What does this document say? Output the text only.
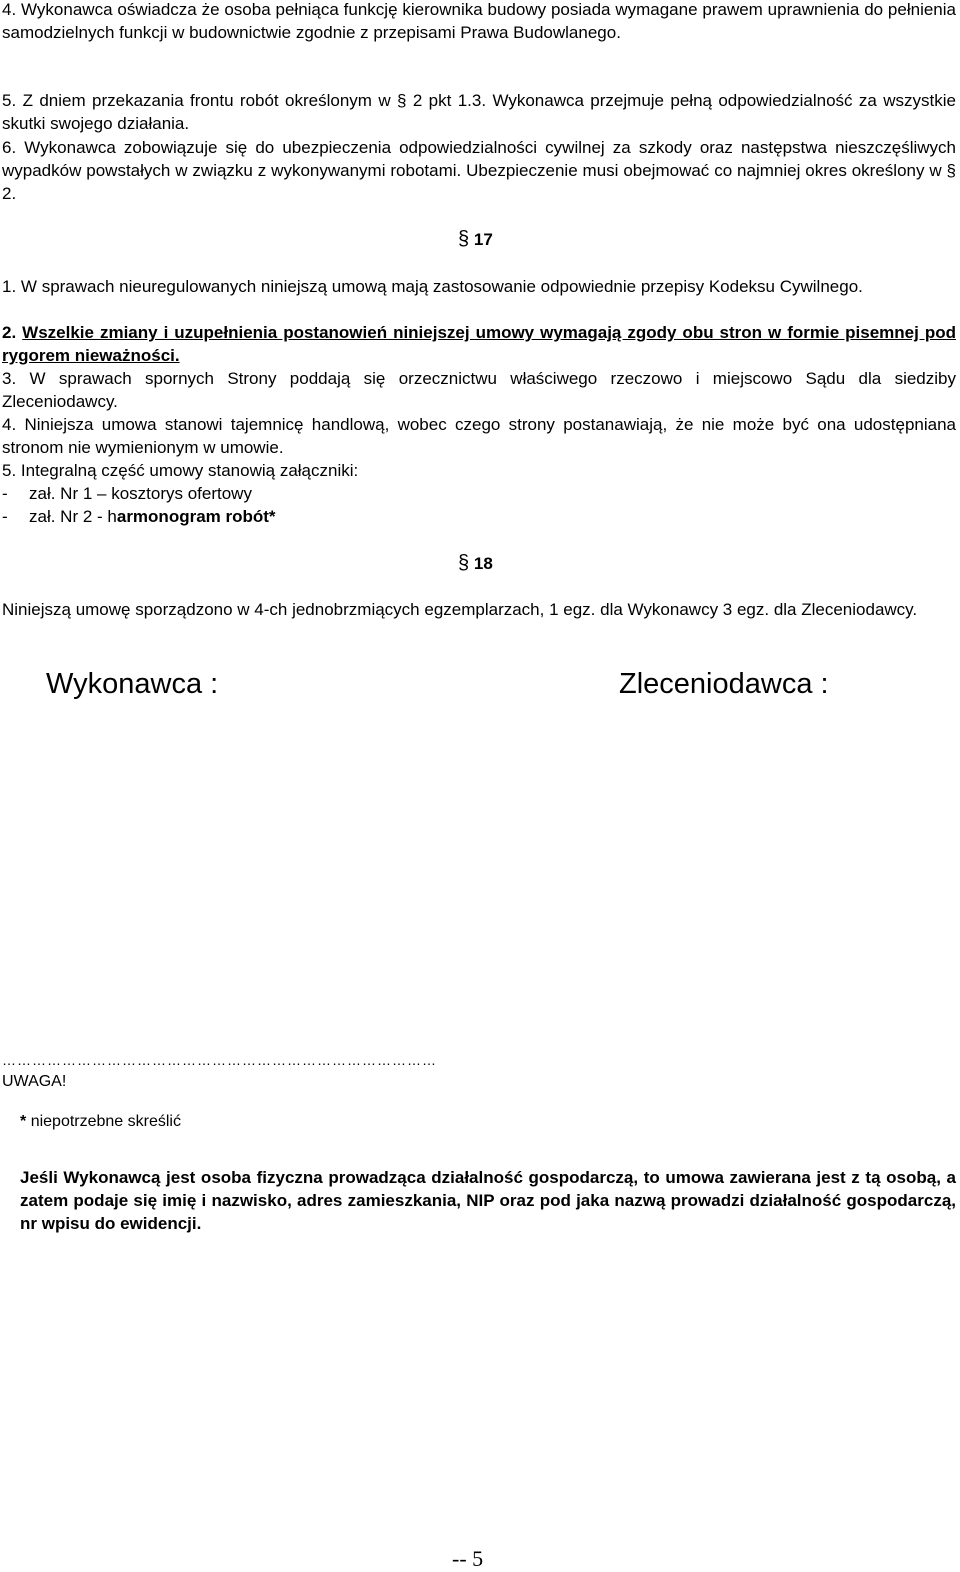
4. Wykonawca oświadcza że osoba pełniąca funkcję kierownika budowy posiada wymagane prawem uprawnienia do pełnienia samodzielnych funkcji w budownictwie zgodnie z przepisami Prawa Budowlanego.

5. Z dniem przekazania frontu robót określonym w § 2 pkt 1.3. Wykonawca przejmuje pełną odpowiedzialność za wszystkie skutki swojego działania.

6. Wykonawca zobowiązuje się do ubezpieczenia odpowiedzialności cywilnej za szkody oraz następstwa nieszczęśliwych wypadków powstałych w związku z wykonywanymi robotami. Ubezpieczenie musi obejmować co najmniej okres określony w § 2.

§ 17

1. W sprawach nieuregulowanych niniejszą umową mają zastosowanie odpowiednie przepisy Kodeksu Cywilnego.

2. Wszelkie zmiany i uzupełnienia postanowień niniejszej umowy wymagają zgody obu stron w formie pisemnej pod rygorem nieważności.

3. W sprawach spornych Strony poddają się orzecznictwu właściwego rzeczowo i miejscowo Sądu dla siedziby Zleceniodawcy.

4. Niniejsza umowa stanowi tajemnicę handlową, wobec czego strony postanawiają, że nie może być ona udostępniana stronom nie wymienionym w umowie.

5. Integralną część umowy stanowią załączniki:

- zał. Nr 1 – kosztorys ofertowy
- zał. Nr 2 - harmonogram robót*
§ 18

Niniejszą umowę sporządzono w 4-ch jednobrzmiących egzemplarzach, 1 egz. dla Wykonawcy 3 egz. dla Zleceniodawcy.

Wykonawca :	Zleceniodawca :
……………………………………………………………………………
UWAGA!
* niepotrzebne skreślić

Jeśli Wykonawcą jest osoba fizyczna prowadząca działalność gospodarczą, to umowa zawierana jest z tą osobą, a zatem podaje się imię i nazwisko, adres zamieszkania, NIP oraz pod jaka nazwą prowadzi działalność gospodarczą, nr wpisu do ewidencji.

-- 5
